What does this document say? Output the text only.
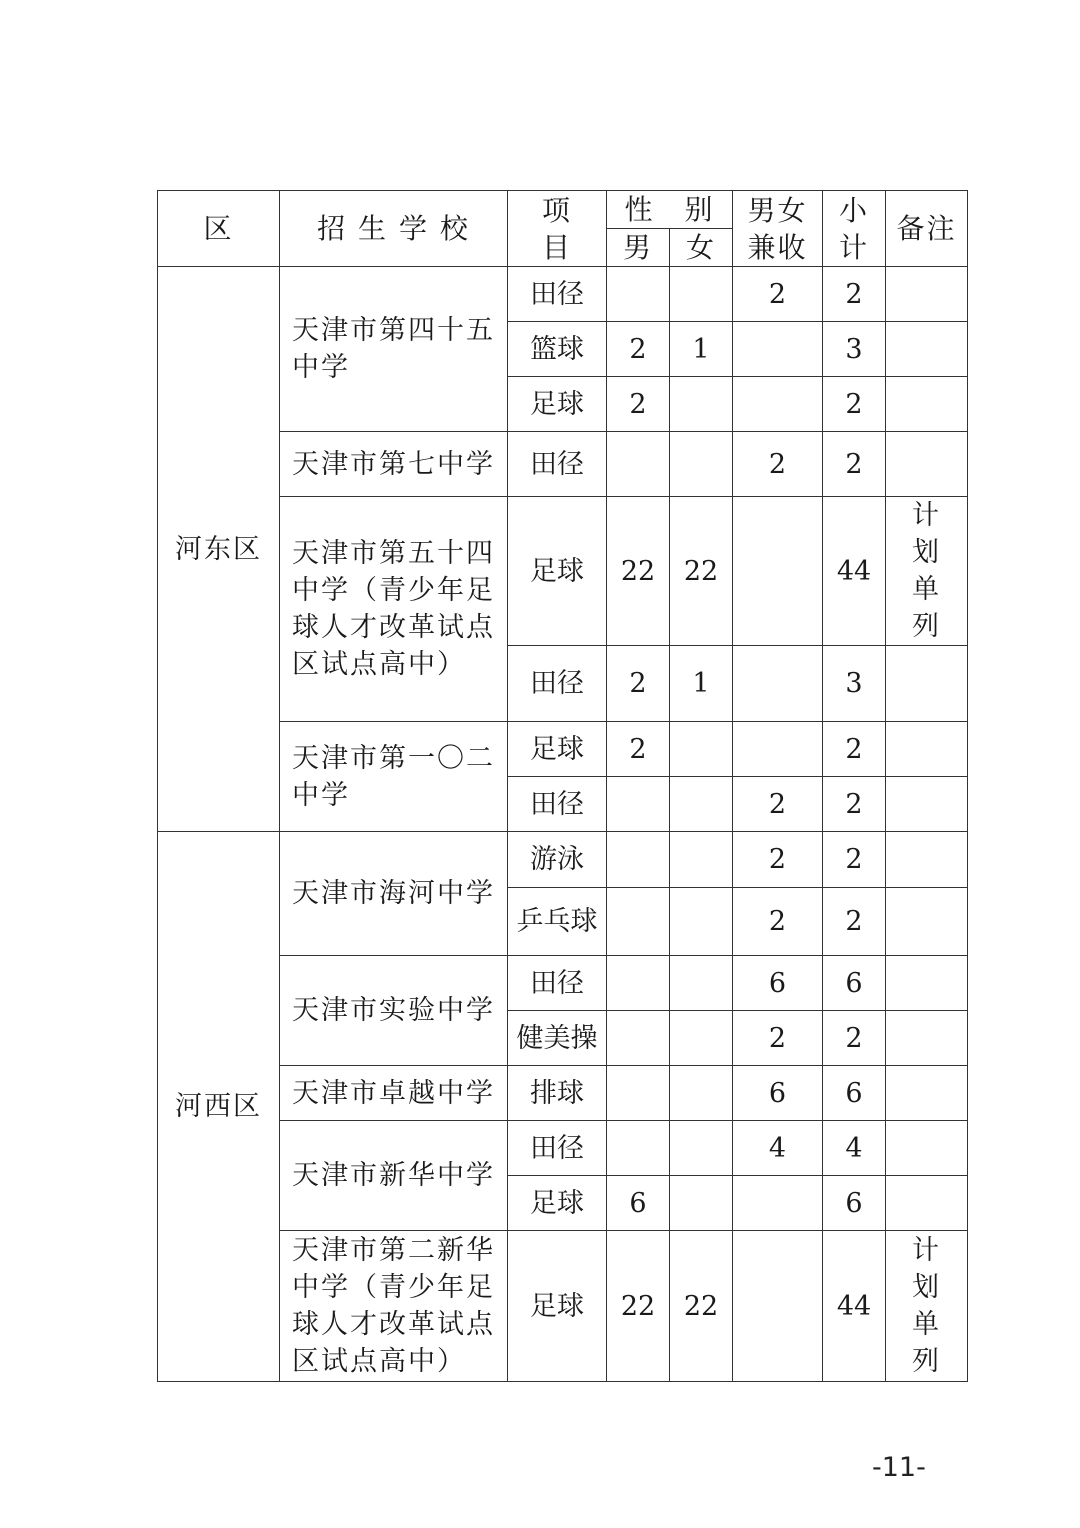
区	招 生 学 校	项目	性　别		男女兼收	小计	备注
			男	女			
河东区	天津市第四十五中学	田径			2	2	
		篮球	2	1		3	
		足球	2			2	
	天津市第七中学	田径			2	2	
	天津市第五十四中学（青少年足球人才改革试点区试点高中）	足球	22	22		44	计划单列
		田径	2	1		3	
	天津市第一〇二中学	足球	2			2	
		田径			2	2	
河西区	天津市海河中学	游泳			2	2	
		乒乓球			2	2	
	天津市实验中学	田径			6	6	
		健美操			2	2	
	天津市卓越中学	排球			6	6	
	天津市新华中学	田径			4	4	
		足球	6			6	
	天津市第二新华中学（青少年足球人才改革试点区试点高中）	足球	22	22		44	计划单列
-11-
